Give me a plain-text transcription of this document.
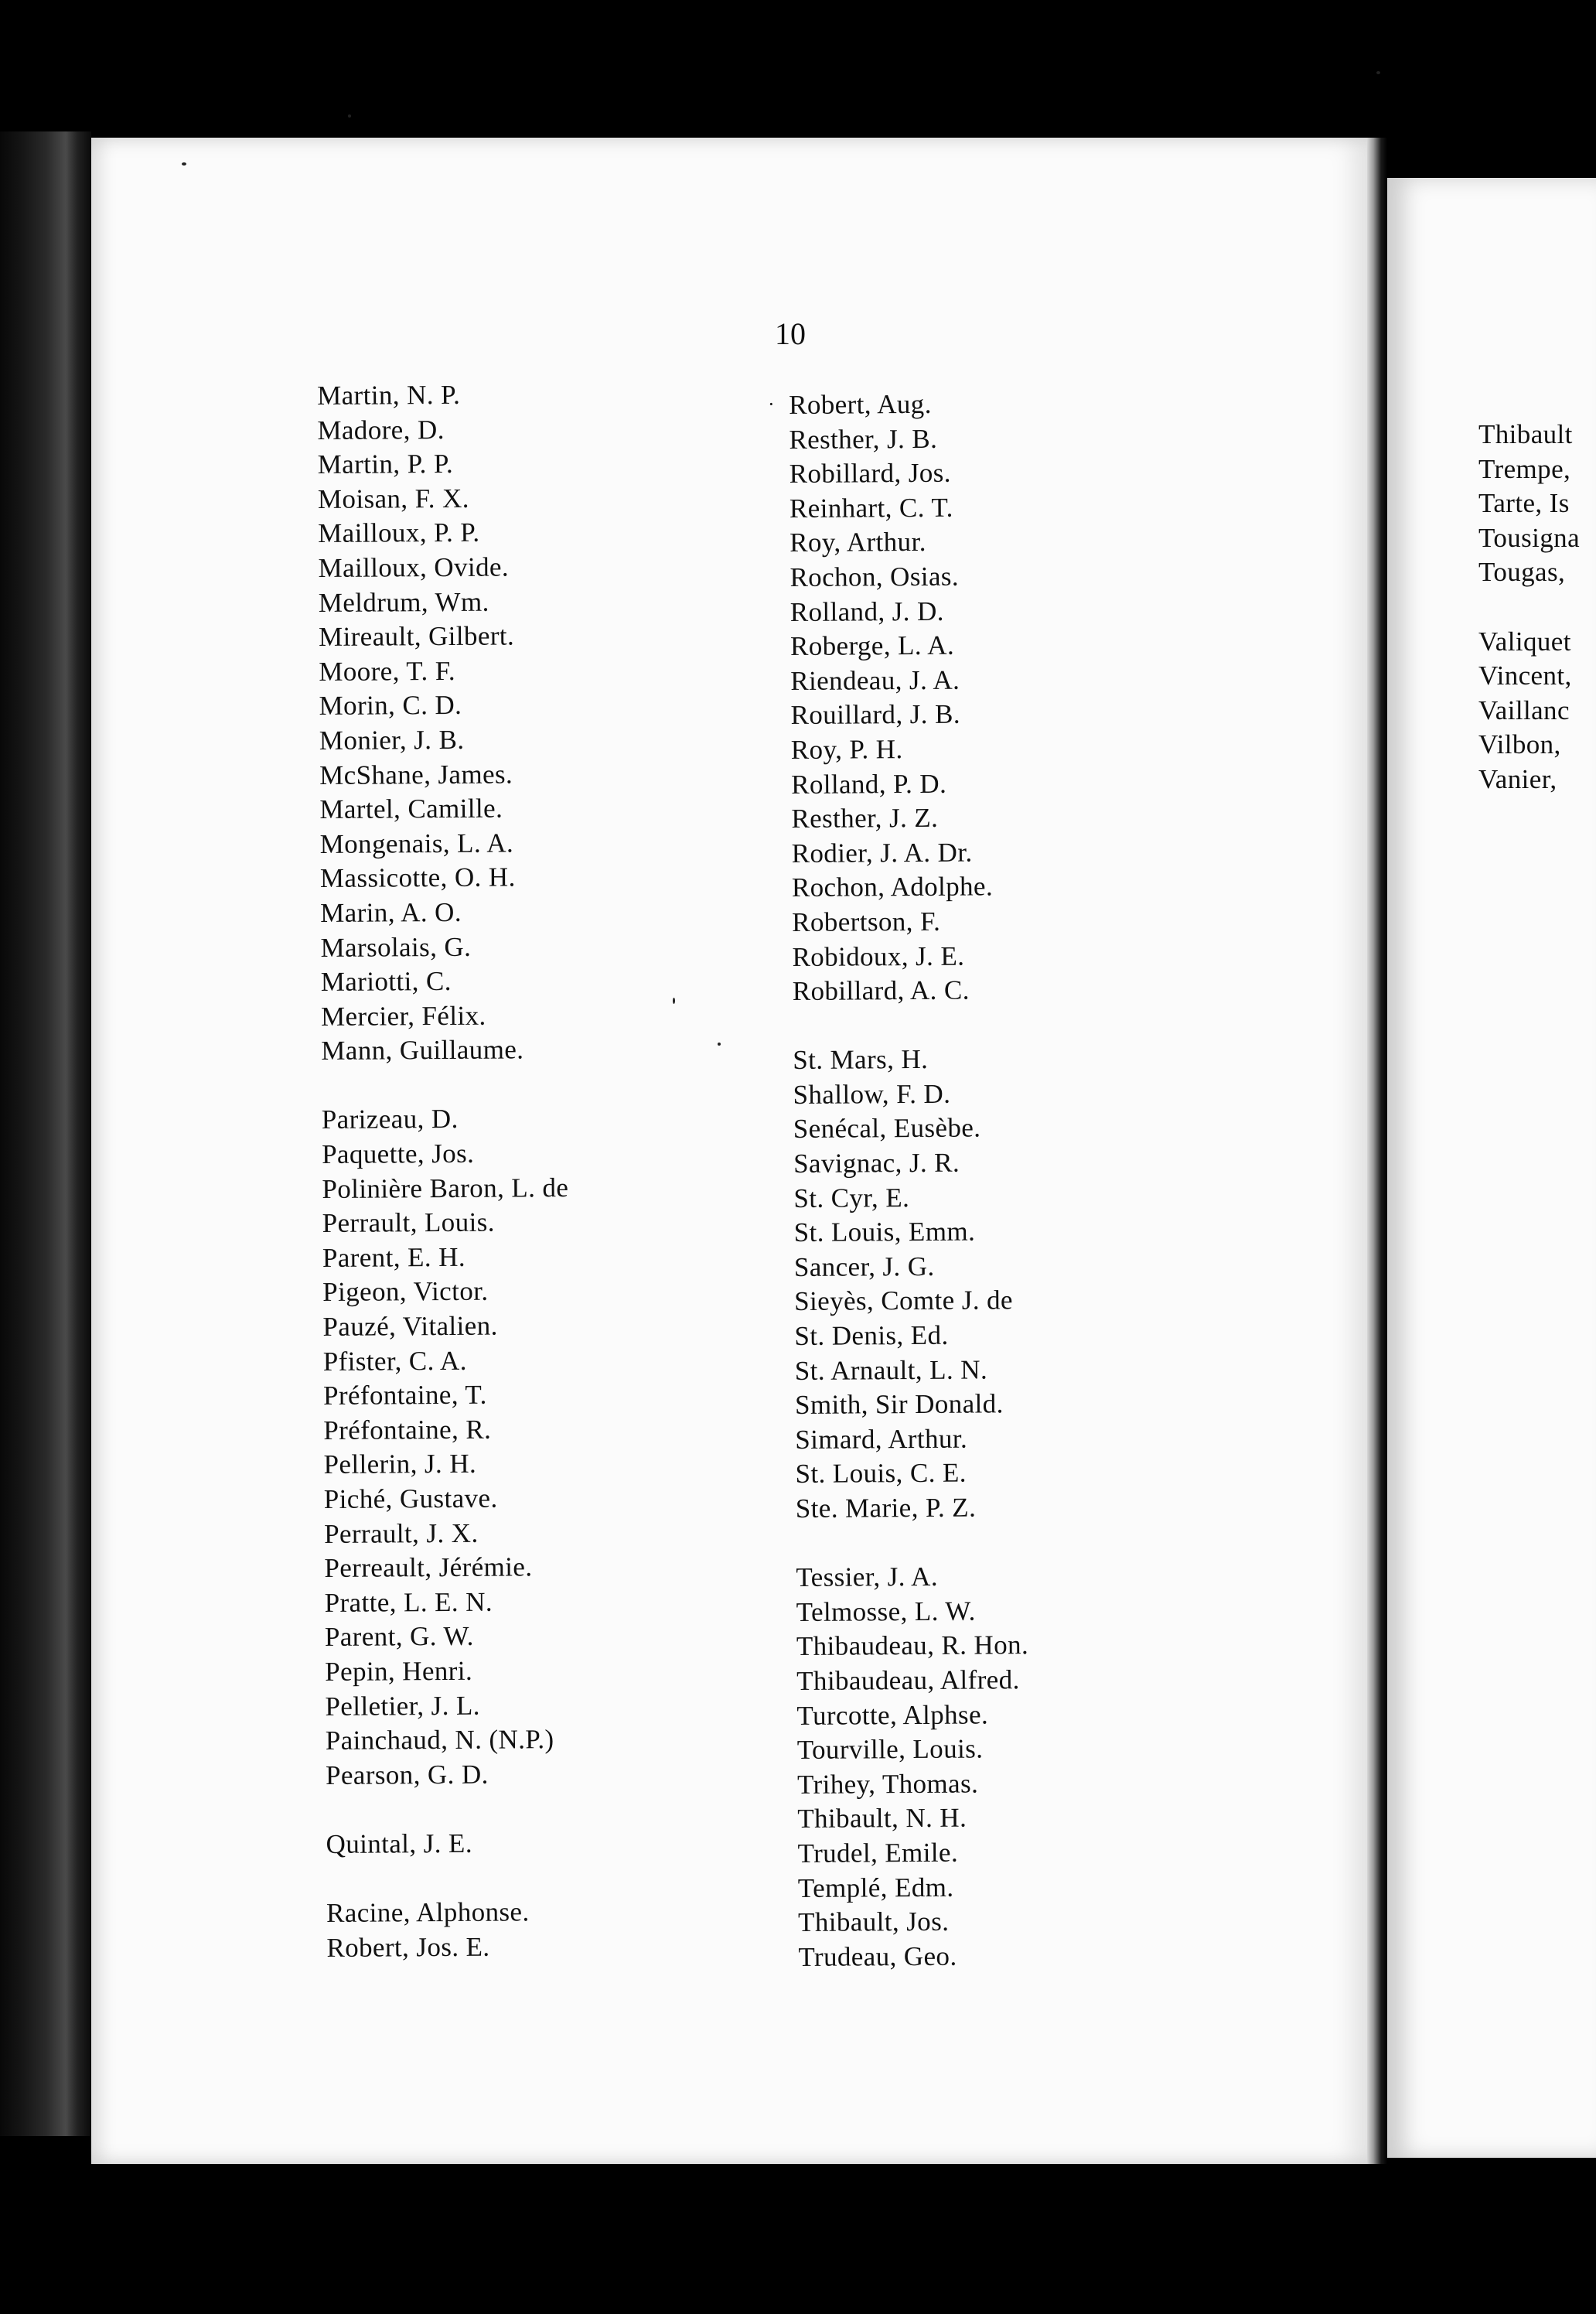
10
·
Martin, N. P.
Madore, D.
Martin, P. P.
Moisan, F. X.
Mailloux, P. P.
Mailloux, Ovide.
Meldrum, Wm.
Mireault, Gilbert.
Moore, T. F.
Morin, C. D.
Monier, J. B.
McShane, James.
Martel, Camille.
Mongenais, L. A.
Massicotte, O. H.
Marin, A. O.
Marsolais, G.
Mariotti, C.
Mercier, Félix.
Mann, Guillaume.
Parizeau, D.
Paquette, Jos.
Polinière Baron, L. de
Perrault, Louis.
Parent, E. H.
Pigeon, Victor.
Pauzé, Vitalien.
Pfister, C. A.
Préfontaine, T.
Préfontaine, R.
Pellerin, J. H.
Piché, Gustave.
Perrault, J. X.
Perreault, Jérémie.
Pratte, L. E. N.
Parent, G. W.
Pepin, Henri.
Pelletier, J. L.
Painchaud, N. (N.P.)
Pearson, G. D.
Quintal, J. E.
Racine, Alphonse.
Robert, Jos. E.
Robert, Aug.
Resther, J. B.
Robillard, Jos.
Reinhart, C. T.
Roy, Arthur.
Rochon, Osias.
Rolland, J. D.
Roberge, L. A.
Riendeau, J. A.
Rouillard, J. B.
Roy, P. H.
Rolland, P. D.
Resther, J. Z.
Rodier, J. A. Dr.
Rochon, Adolphe.
Robertson, F.
Robidoux, J. E.
Robillard, A. C.
St. Mars, H.
Shallow, F. D.
Senécal, Eusèbe.
Savignac, J. R.
St. Cyr, E.
St. Louis, Emm.
Sancer, J. G.
Sieyès, Comte J. de
St. Denis, Ed.
St. Arnault, L. N.
Smith, Sir Donald.
Simard, Arthur.
St. Louis, C. E.
Ste. Marie, P. Z.
Tessier, J. A.
Telmosse, L. W.
Thibaudeau, R. Hon.
Thibaudeau, Alfred.
Turcotte, Alphse.
Tourville, Louis.
Trihey, Thomas.
Thibault, N. H.
Trudel, Emile.
Templé, Edm.
Thibault, Jos.
Trudeau, Geo.
Thibault
Trempe,
Tarte, Is
Tousigna
Tougas,
Valiquet
Vincent,
Vaillanc
Vilbon,
Vanier,
